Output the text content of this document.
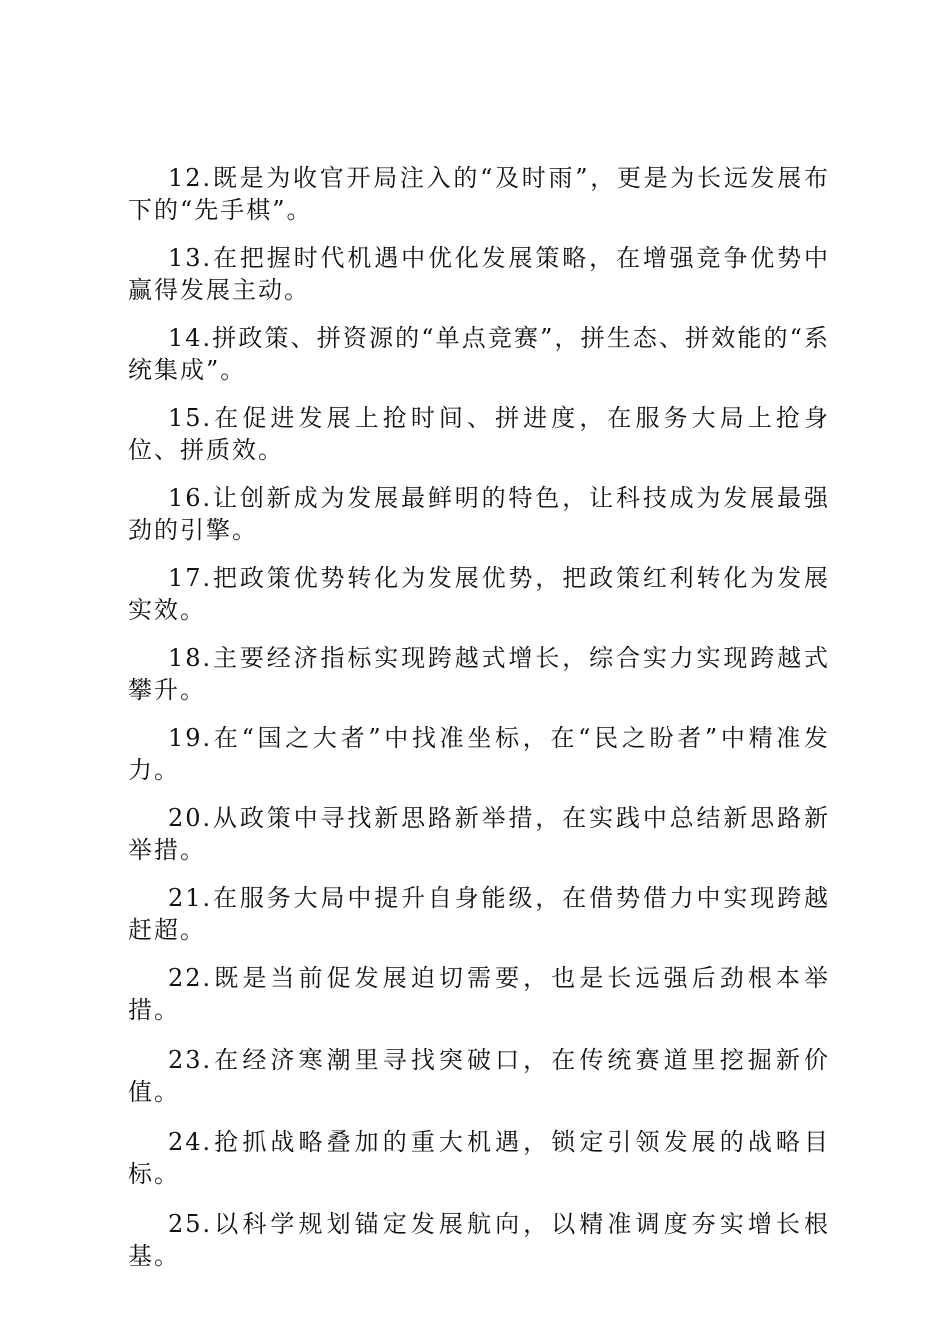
12.既是为收官开局注入的“及时雨”，更是为长远发展布下的“先手棋”。

13.在把握时代机遇中优化发展策略，在增强竞争优势中赢得发展主动。

14.拼政策、拼资源的“单点竞赛”，拼生态、拼效能的“系统集成”。

15.在促进发展上抢时间、拼进度，在服务大局上抢身位、拼质效。

16.让创新成为发展最鲜明的特色，让科技成为发展最强劲的引擎。

17.把政策优势转化为发展优势，把政策红利转化为发展实效。

18.主要经济指标实现跨越式增长，综合实力实现跨越式攀升。

19.在“国之大者”中找准坐标，在“民之盼者”中精准发力。

20.从政策中寻找新思路新举措，在实践中总结新思路新举措。

21.在服务大局中提升自身能级，在借势借力中实现跨越赶超。

22.既是当前促发展迫切需要，也是长远强后劲根本举措。

23.在经济寒潮里寻找突破口，在传统赛道里挖掘新价值。

24.抢抓战略叠加的重大机遇，锁定引领发展的战略目标。

25.以科学规划锚定发展航向，以精准调度夯实增长根基。
